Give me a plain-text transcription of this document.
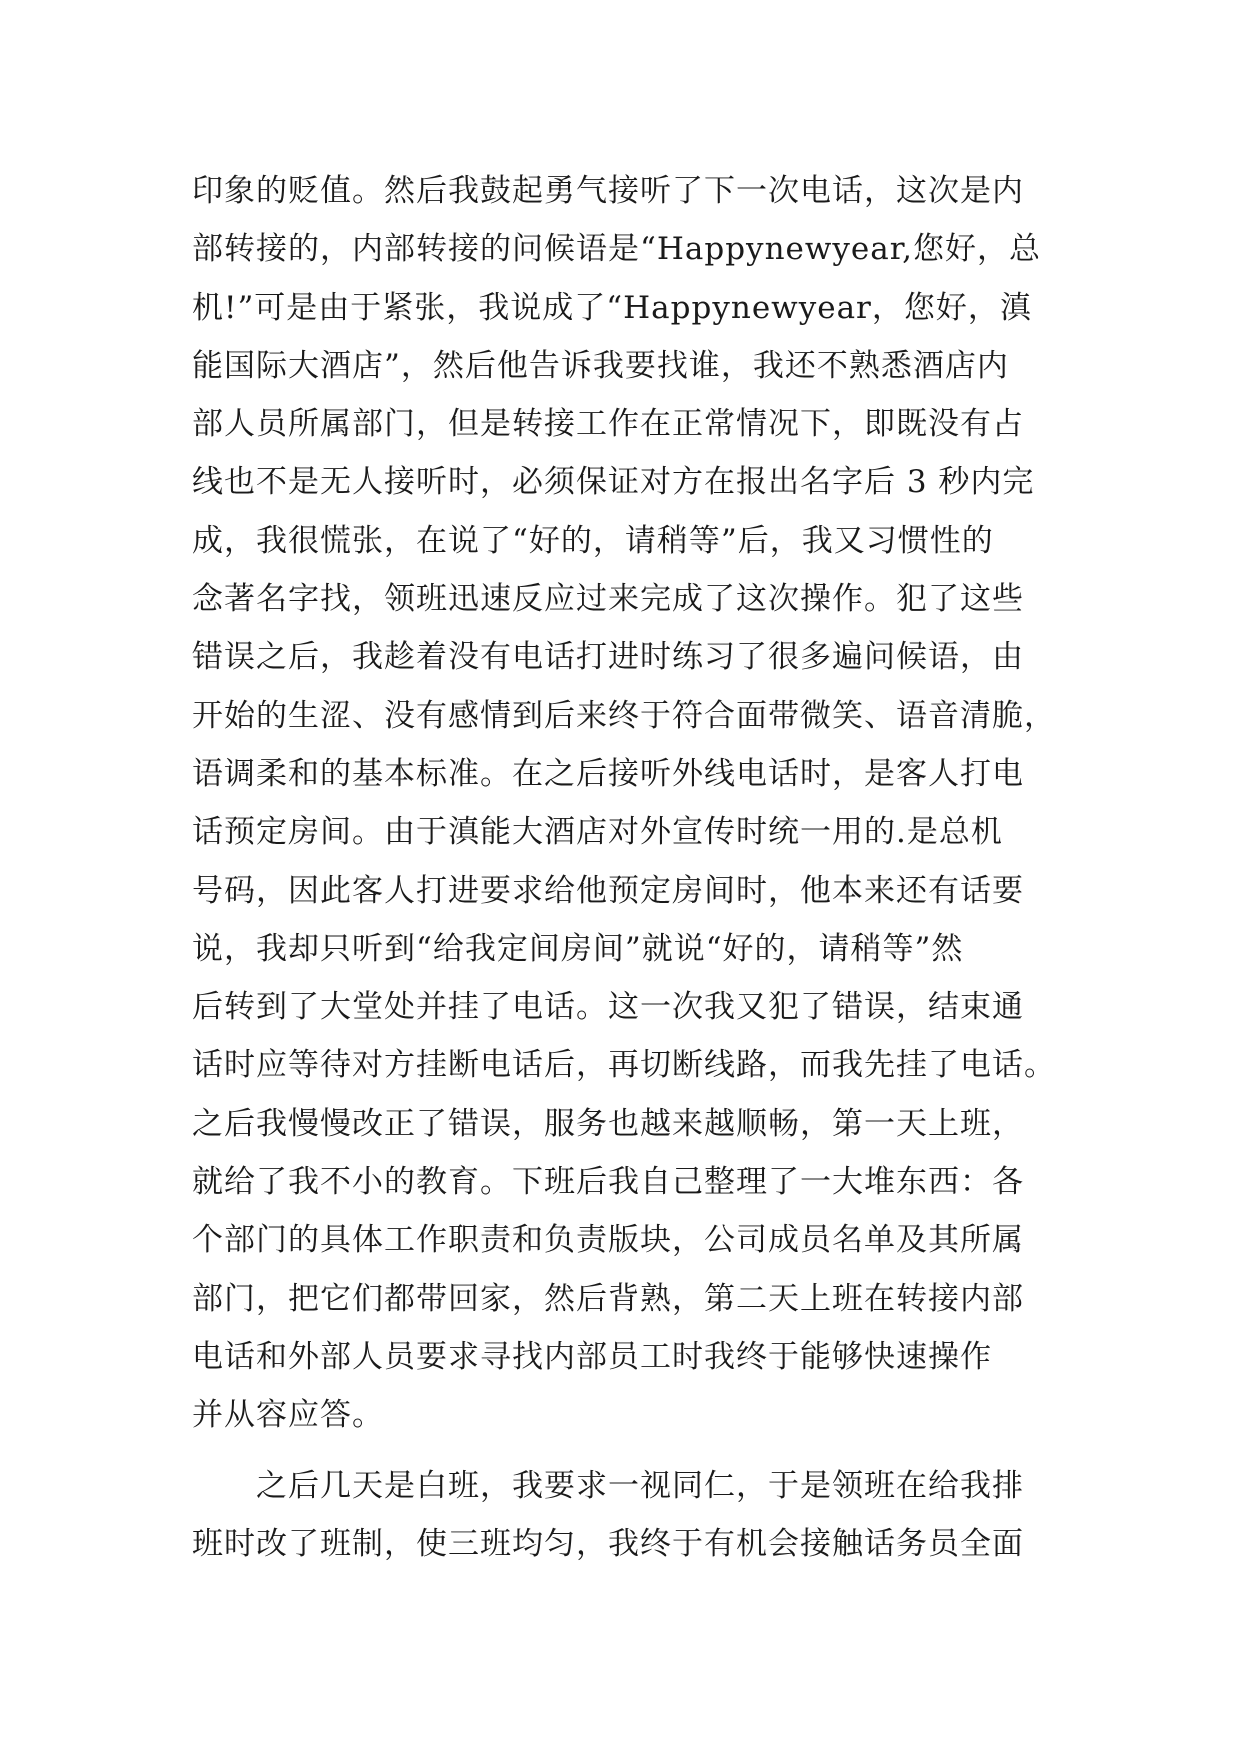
印象的贬值。然后我鼓起勇气接听了下一次电话，这次是内
部转接的，内部转接的问候语是“Happynewyear,您好，总
机!”可是由于紧张，我说成了“Happynewyear，您好，滇
能国际大酒店”，然后他告诉我要找谁，我还不熟悉酒店内
部人员所属部门，但是转接工作在正常情况下，即既没有占
线也不是无人接听时，必须保证对方在报出名字后 3 秒内完
成，我很慌张，在说了“好的，请稍等”后，我又习惯性的
念著名字找，领班迅速反应过来完成了这次操作。犯了这些
错误之后，我趁着没有电话打进时练习了很多遍问候语，由
开始的生涩、没有感情到后来终于符合面带微笑、语音清脆，
语调柔和的基本标准。在之后接听外线电话时，是客人打电
话预定房间。由于滇能大酒店对外宣传时统一用的.是总机
号码，因此客人打进要求给他预定房间时，他本来还有话要
说，我却只听到“给我定间房间”就说“好的，请稍等”然
后转到了大堂处并挂了电话。这一次我又犯了错误，结束通
话时应等待对方挂断电话后，再切断线路，而我先挂了电话。
之后我慢慢改正了错误，服务也越来越顺畅，第一天上班，
就给了我不小的教育。下班后我自己整理了一大堆东西：各
个部门的具体工作职责和负责版块，公司成员名单及其所属
部门，把它们都带回家，然后背熟，第二天上班在转接内部
电话和外部人员要求寻找内部员工时我终于能够快速操作
并从容应答。
　　之后几天是白班，我要求一视同仁，于是领班在给我排
班时改了班制，使三班均匀，我终于有机会接触话务员全面
